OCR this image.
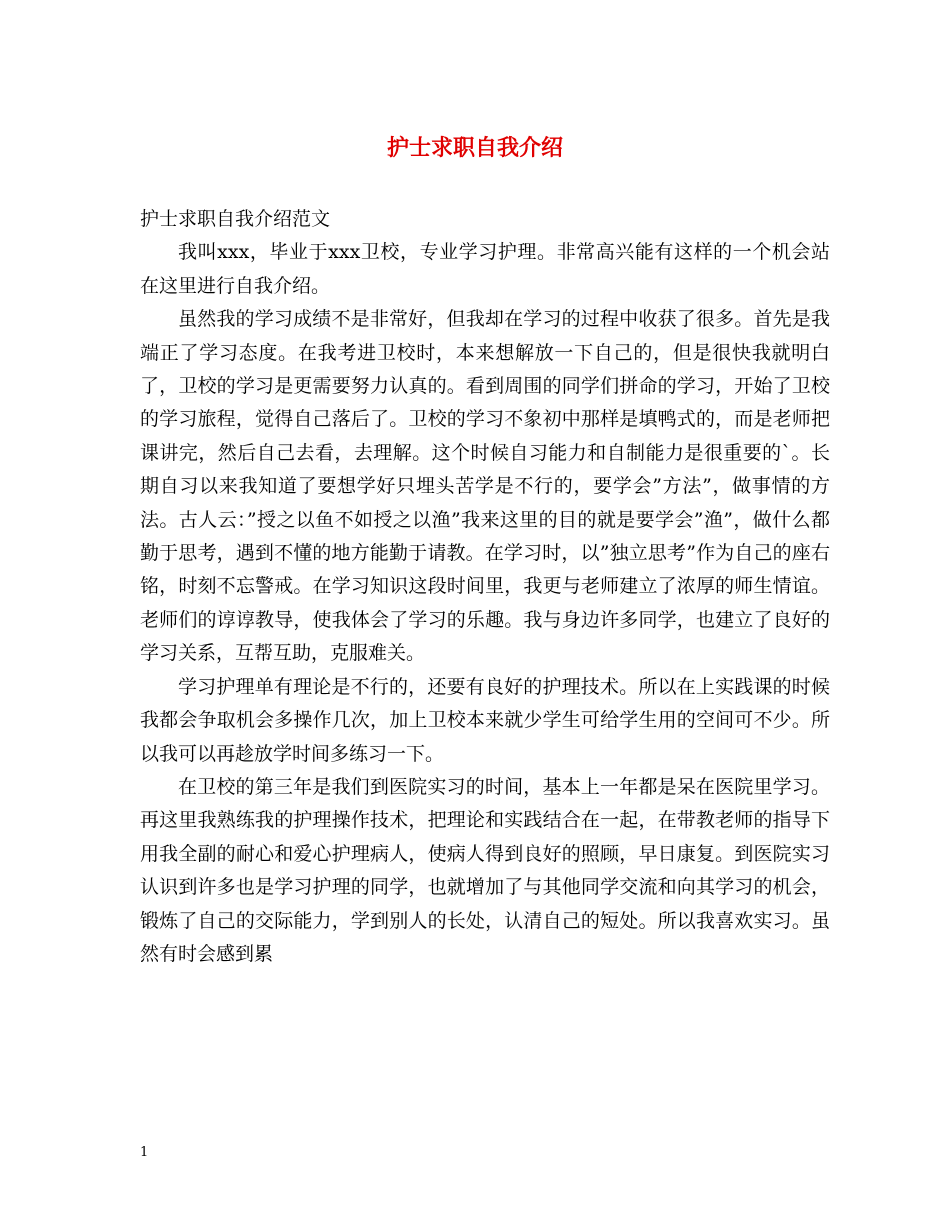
护士求职自我介绍

护士求职自我介绍范文

我叫xxx，毕业于xxx卫校，专业学习护理。非常高兴能有这样的一个机会站在这里进行自我介绍。

虽然我的学习成绩不是非常好，但我却在学习的过程中收获了很多。首先是我端正了学习态度。在我考进卫校时，本来想解放一下自己的，但是很快我就明白了，卫校的学习是更需要努力认真的。看到周围的同学们拼命的学习，开始了卫校的学习旅程，觉得自己落后了。卫校的学习不象初中那样是填鸭式的，而是老师把课讲完，然后自己去看，去理解。这个时候自习能力和自制能力是很重要的`。长期自习以来我知道了要想学好只埋头苦学是不行的，要学会”方法”，做事情的方法。古人云：”授之以鱼不如授之以渔”我来这里的目的就是要学会”渔”，做什么都勤于思考，遇到不懂的地方能勤于请教。在学习时，以”独立思考”作为自己的座右铭，时刻不忘警戒。在学习知识这段时间里，我更与老师建立了浓厚的师生情谊。老师们的谆谆教导，使我体会了学习的乐趣。我与身边许多同学，也建立了良好的学习关系，互帮互助，克服难关。

学习护理单有理论是不行的，还要有良好的护理技术。所以在上实践课的时候我都会争取机会多操作几次，加上卫校本来就少学生可给学生用的空间可不少。所以我可以再趁放学时间多练习一下。

在卫校的第三年是我们到医院实习的时间，基本上一年都是呆在医院里学习。再这里我熟练我的护理操作技术，把理论和实践结合在一起，在带教老师的指导下用我全副的耐心和爱心护理病人，使病人得到良好的照顾，早日康复。到医院实习认识到许多也是学习护理的同学，也就增加了与其他同学交流和向其学习的机会，锻炼了自己的交际能力，学到别人的长处，认清自己的短处。所以我喜欢实习。虽然有时会感到累

1
